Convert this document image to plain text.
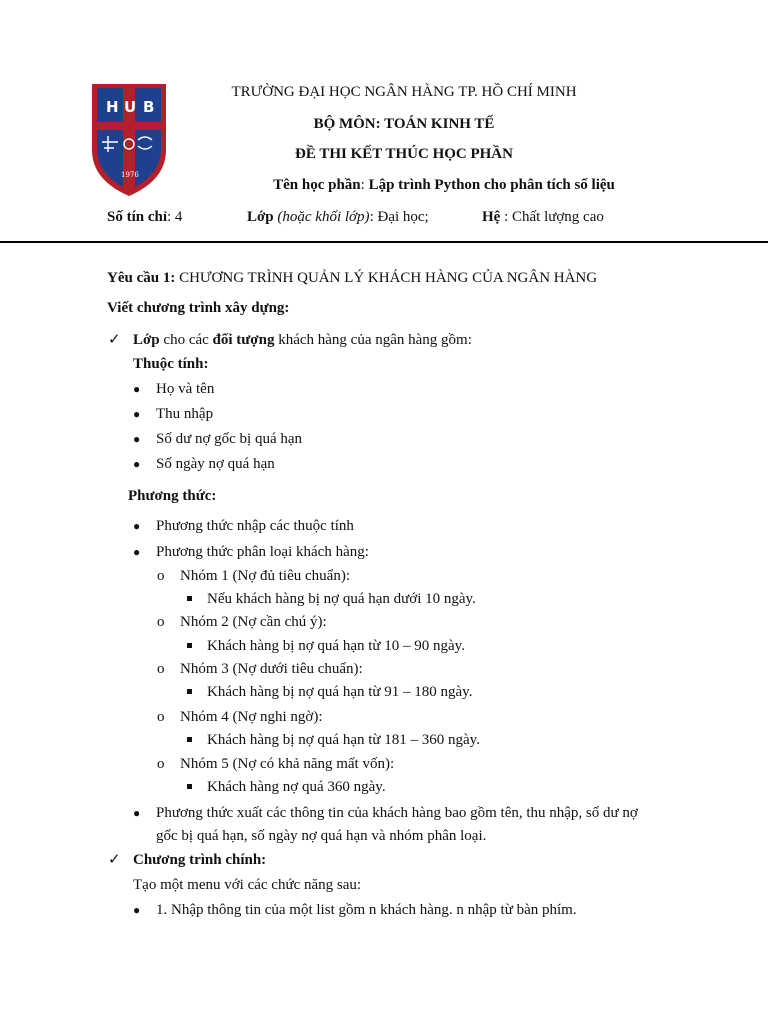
H U B
1976
TRƯỜNG ĐẠI HỌC NGÂN HÀNG TP. HỒ CHÍ MINH
BỘ MÔN: TOÁN KINH TẾ
ĐỀ THI KẾT THÚC HỌC PHẦN
Tên học phần: Lập trình Python cho phân tích số liệu
Số tín chỉ: 4	Lớp (hoặc khối lớp): Đại học;	Hệ : Chất lượng cao
Yêu cầu 1: CHƯƠNG TRÌNH QUẢN LÝ KHÁCH HÀNG CỦA NGÂN HÀNG
Viết chương trình xây dựng:
✓ Lớp cho các đối tượng khách hàng của ngân hàng gồm:
Thuộc tính:
● Họ và tên
● Thu nhập
● Số dư nợ gốc bị quá hạn
● Số ngày nợ quá hạn
Phương thức:
● Phương thức nhập các thuộc tính
● Phương thức phân loại khách hàng:
o Nhóm 1 (Nợ đủ tiêu chuẩn):
Nếu khách hàng bị nợ quá hạn dưới 10 ngày.
o Nhóm 2 (Nợ cần chú ý):
Khách hàng bị nợ quá hạn từ 10 – 90 ngày.
o Nhóm 3 (Nợ dưới tiêu chuẩn):
Khách hàng bị nợ quá hạn từ 91 – 180 ngày.
o Nhóm 4 (Nợ nghi ngờ):
Khách hàng bị nợ quá hạn từ 181 – 360 ngày.
o Nhóm 5 (Nợ có khả năng mất vốn):
Khách hàng nợ quá 360 ngày.
● Phương thức xuất các thông tin của khách hàng bao gồm tên, thu nhập, số dư nợ
gốc bị quá hạn, số ngày nợ quá hạn và nhóm phân loại.
✓ Chương trình chính:
Tạo một menu với các chức năng sau:
● 1. Nhập thông tin của một list gồm n khách hàng. n nhập từ bàn phím.
